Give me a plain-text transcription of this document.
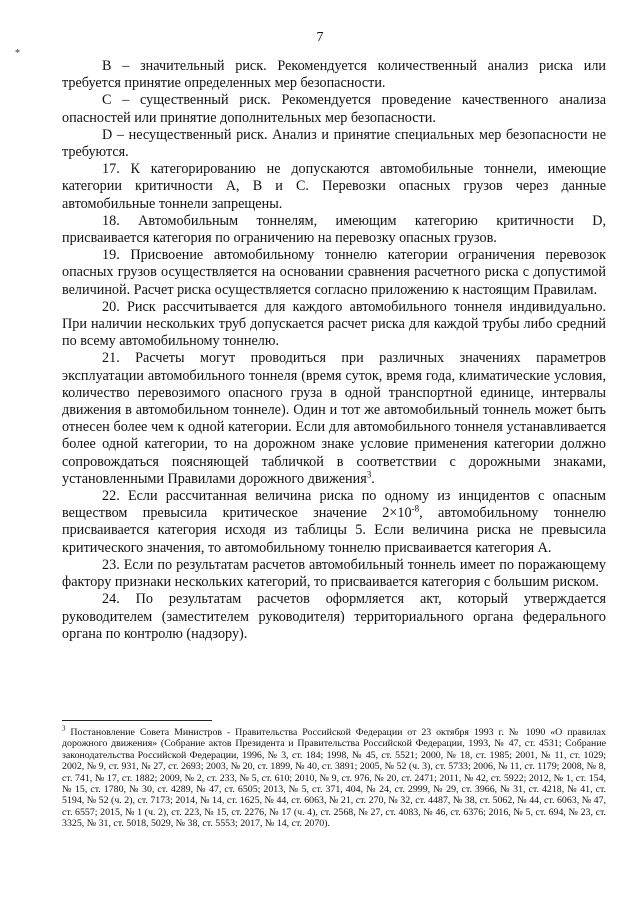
7
*

В – значительный риск. Рекомендуется количественный анализ риска или требуется принятие определенных мер безопасности.

С – существенный риск. Рекомендуется проведение качественного анализа опасностей или принятие дополнительных мер безопасности.

D – несущественный риск. Анализ и принятие специальных мер безопасности не требуются.

17. К категорированию не допускаются автомобильные тоннели, имеющие категории критичности А, В и С. Перевозки опасных грузов через данные автомобильные тоннели запрещены.

18. Автомобильным тоннелям, имеющим категорию критичности D, присваивается категория по ограничению на перевозку опасных грузов.

19. Присвоение автомобильному тоннелю категории ограничения перевозок опасных грузов осуществляется на основании сравнения расчетного риска с допустимой величиной. Расчет риска осуществляется согласно приложению к настоящим Правилам.

20. Риск рассчитывается для каждого автомобильного тоннеля индивидуально. При наличии нескольких труб допускается расчет риска для каждой трубы либо средний по всему автомобильному тоннелю.

21. Расчеты могут проводиться при различных значениях параметров эксплуатации автомобильного тоннеля (время суток, время года, климатические условия, количество перевозимого опасного груза в одной транспортной единице, интервалы движения в автомобильном тоннеле). Один и тот же автомобильный тоннель может быть отнесен более чем к одной категории. Если для автомобильного тоннеля устанавливается более одной категории, то на дорожном знаке условие применения категории должно сопровождаться поясняющей табличкой в соответствии с дорожными знаками, установленными Правилами дорожного движения$^3$.

22. Если рассчитанная величина риска по одному из инцидентов с опасным веществом превысила критическое значение $2\times 10^{-8}$, автомобильному тоннелю присваивается категория исходя из таблицы 5. Если величина риска не превысила критического значения, то автомобильному тоннелю присваивается категория А.

23. Если по результатам расчетов автомобильный тоннель имеет по поражающему фактору признаки нескольких категорий, то присваивается категория с большим риском.

24. По результатам расчетов оформляется акт, который утверждается руководителем (заместителем руководителя) территориального органа федерального органа по контролю (надзору).

$^3$ Постановление Совета Министров - Правительства Российской Федерации от 23 октября 1993 г. № 1090 «О правилах дорожного движения» (Собрание актов Президента и Правительства Российской Федерации, 1993, № 47, ст. 4531; Собрание законодательства Российской Федерации, 1996, № 3, ст. 184; 1998, № 45, ст. 5521; 2000, № 18, ст. 1985; 2001, № 11, ст. 1029; 2002, № 9, ст. 931, № 27, ст. 2693; 2003, № 20, ст. 1899, № 40, ст. 3891; 2005, № 52 (ч. 3), ст. 5733; 2006, № 11, ст. 1179; 2008, № 8, ст. 741, № 17, ст. 1882; 2009, № 2, ст. 233, № 5, ст. 610; 2010, № 9, ст. 976, № 20, ст. 2471; 2011, № 42, ст. 5922; 2012, № 1, ст. 154, № 15, ст. 1780, № 30, ст. 4289, № 47, ст. 6505; 2013, № 5, ст. 371, 404, № 24, ст. 2999, № 29, ст. 3966, № 31, ст. 4218, № 41, ст. 5194, № 52 (ч. 2), ст. 7173; 2014, № 14, ст. 1625, № 44, ст. 6063, № 21, ст. 270, № 32, ст. 4487, № 38, ст. 5062, № 44, ст. 6063, № 47, ст. 6557; 2015, № 1 (ч. 2), ст. 223, № 15, ст. 2276, № 17 (ч. 4), ст. 2568, № 27, ст. 4083, № 46, ст. 6376; 2016, № 5, ст. 694, № 23, ст. 3325, № 31, ст. 5018, 5029, № 38, ст. 5553; 2017, № 14, ст. 2070).
